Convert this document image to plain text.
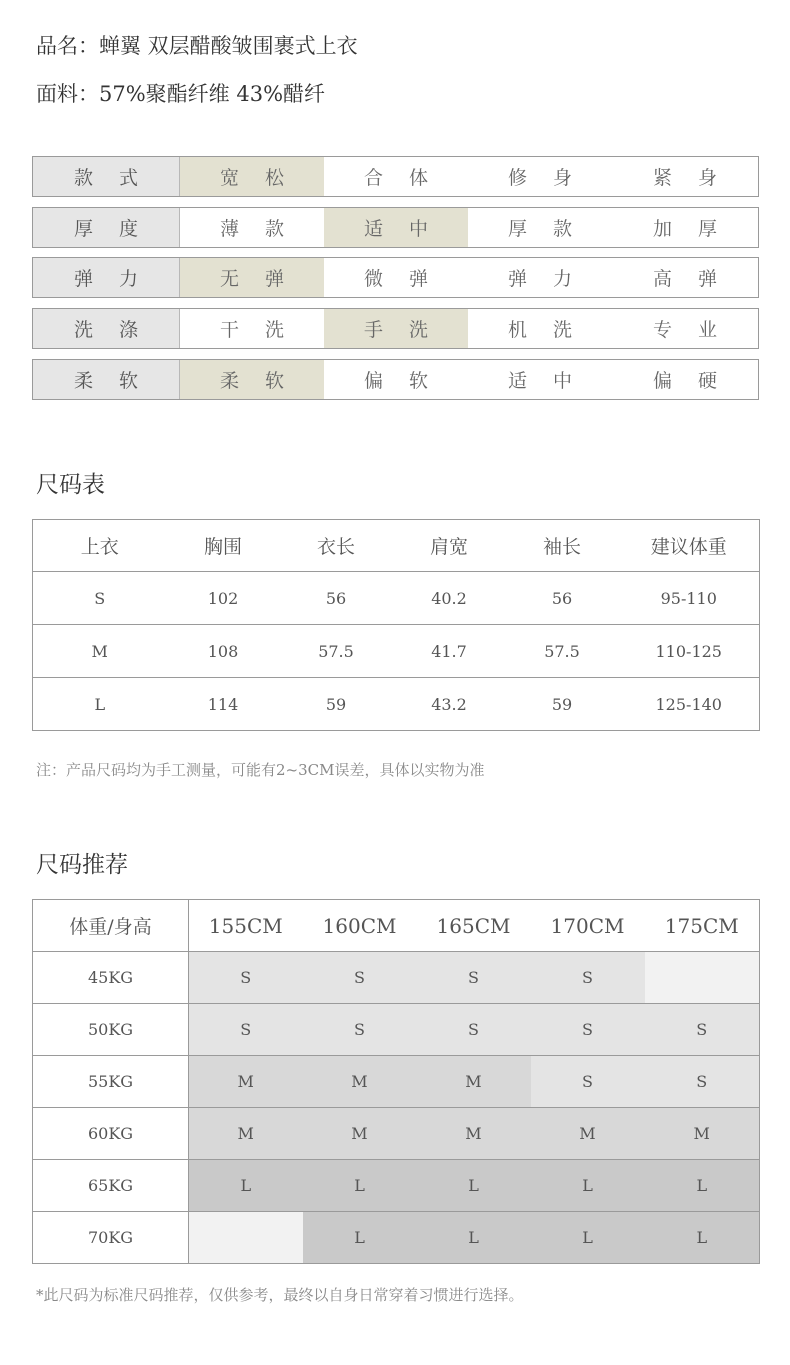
品名：蝉翼 双层醋酸皱围裹式上衣
面料：57%聚酯纤维 43%醋纤
款式	宽松	合体	修身	紧身
厚度	薄款	适中	厚款	加厚
弹力	无弹	微弹	弹力	高弹
洗涤	干洗	手洗	机洗	专业
柔软	柔软	偏软	适中	偏硬
尺码表
上衣	胸围	衣长	肩宽	袖长	建议体重
S	102	56	40.2	56	95-110
M	108	57.5	41.7	57.5	110-125
L	114	59	43.2	59	125-140
注：产品尺码均为手工测量，可能有2~3CM误差，具体以实物为准
尺码推荐
体重/身高	155CM	160CM	165CM	170CM	175CM
45KG	S	S	S	S	
50KG	S	S	S	S	S
55KG	M	M	M	S	S
60KG	M	M	M	M	M
65KG	L	L	L	L	L
70KG		L	L	L	L
*此尺码为标准尺码推荐，仅供参考，最终以自身日常穿着习惯进行选择。
